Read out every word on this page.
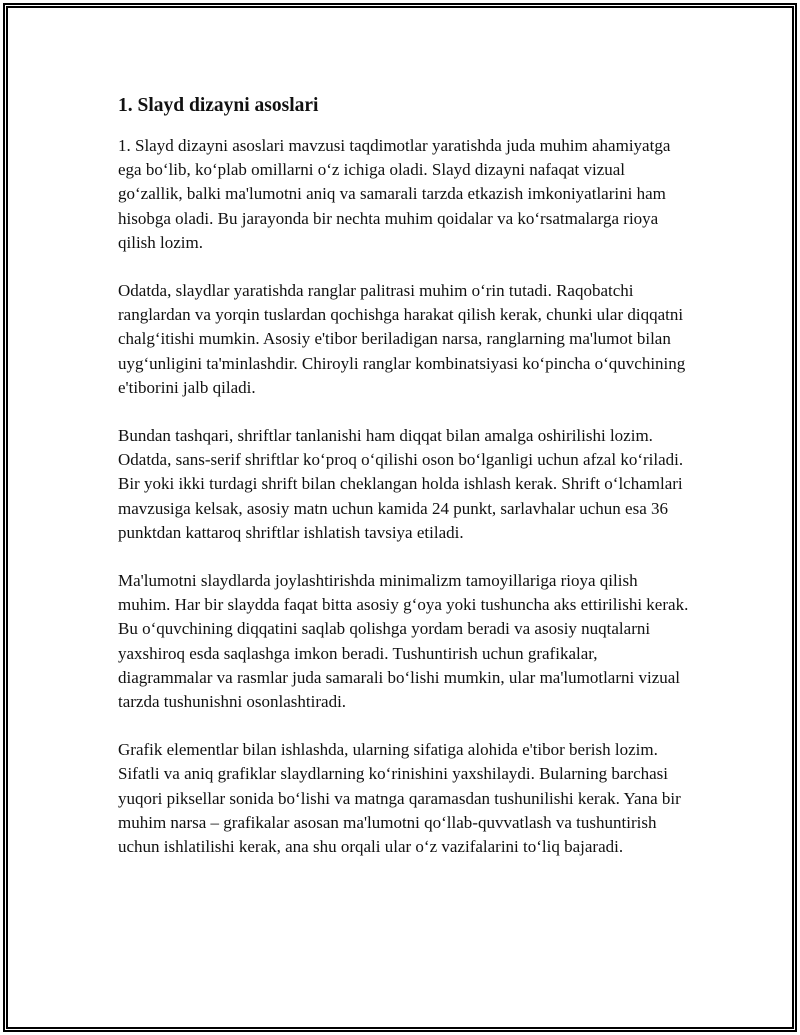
1. Slayd dizayni asoslari

1. Slayd dizayni asoslari mavzusi taqdimotlar yaratishda juda muhim ahamiyatga ega bo‘lib, ko‘plab omillarni o‘z ichiga oladi. Slayd dizayni nafaqat vizual go‘zallik, balki ma'lumotni aniq va samarali tarzda etkazish imkoniyatlarini ham hisobga oladi. Bu jarayonda bir nechta muhim qoidalar va ko‘rsatmalarga rioya qilish lozim.

Odatda, slaydlar yaratishda ranglar palitrasi muhim o‘rin tutadi. Raqobatchi ranglardan va yorqin tuslardan qochishga harakat qilish kerak, chunki ular diqqatni chalg‘itishi mumkin. Asosiy e'tibor beriladigan narsa, ranglarning ma'lumot bilan uyg‘unligini ta'minlashdir. Chiroyli ranglar kombinatsiyasi ko‘pincha o‘quvchining e'tiborini jalb qiladi.

Bundan tashqari, shriftlar tanlanishi ham diqqat bilan amalga oshirilishi lozim. Odatda, sans-serif shriftlar ko‘proq o‘qilishi oson bo‘lganligi uchun afzal ko‘riladi. Bir yoki ikki turdagi shrift bilan cheklangan holda ishlash kerak. Shrift o‘lchamlari mavzusiga kelsak, asosiy matn uchun kamida 24 punkt, sarlavhalar uchun esa 36 punktdan kattaroq shriftlar ishlatish tavsiya etiladi.

Ma'lumotni slaydlarda joylashtirishda minimalizm tamoyillariga rioya qilish muhim. Har bir slaydda faqat bitta asosiy g‘oya yoki tushuncha aks ettirilishi kerak. Bu o‘quvchining diqqatini saqlab qolishga yordam beradi va asosiy nuqtalarni yaxshiroq esda saqlashga imkon beradi. Tushuntirish uchun grafikalar, diagrammalar va rasmlar juda samarali bo‘lishi mumkin, ular ma'lumotlarni vizual tarzda tushunishni osonlashtiradi.

Grafik elementlar bilan ishlashda, ularning sifatiga alohida e'tibor berish lozim. Sifatli va aniq grafiklar slaydlarning ko‘rinishini yaxshilaydi. Bularning barchasi yuqori piksellar sonida bo‘lishi va matnga qaramasdan tushunilishi kerak. Yana bir muhim narsa – grafikalar asosan ma'lumotni qo‘llab-quvvatlash va tushuntirish uchun ishlatilishi kerak, ana shu orqali ular o‘z vazifalarini to‘liq bajaradi.
